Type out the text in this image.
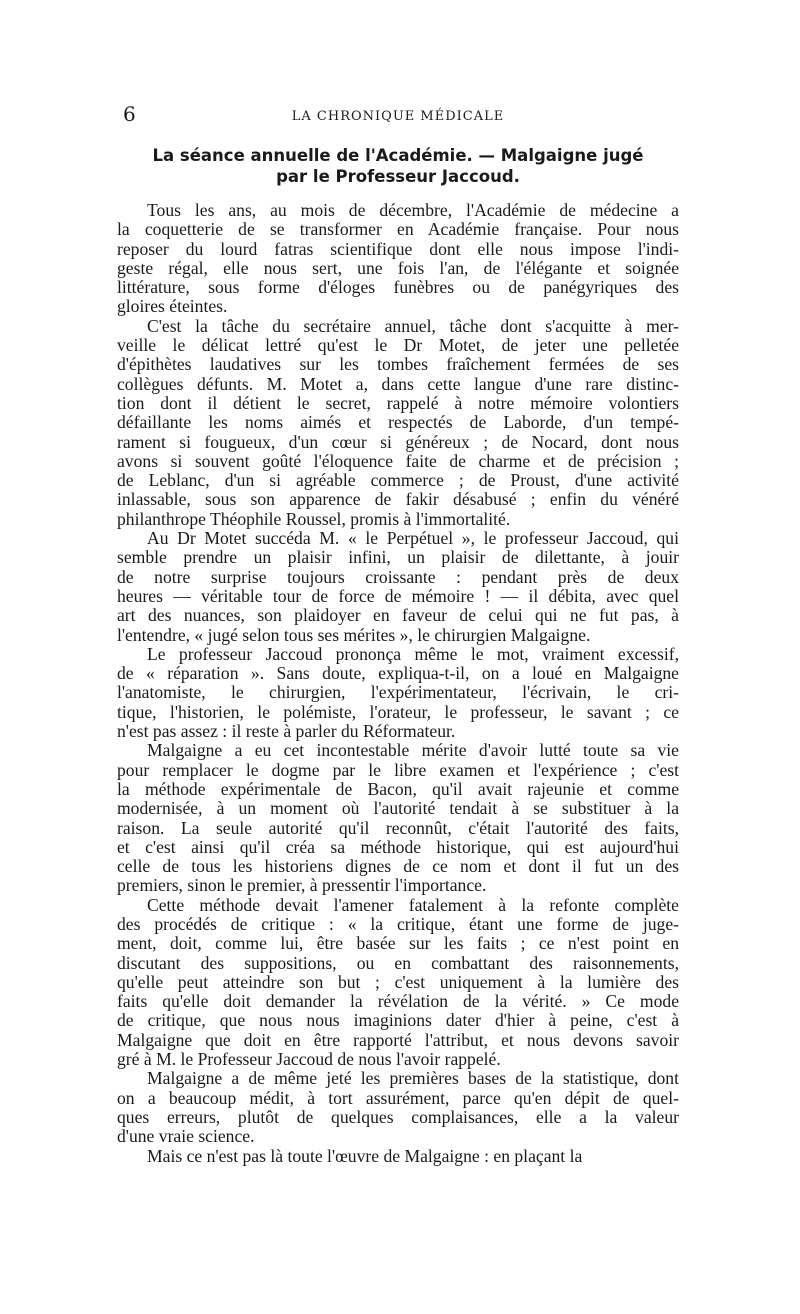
6	LA CHRONIQUE MÉDICALE
La séance annuelle de l'Académie. — Malgaigne jugé
par le Professeur Jaccoud.

Tous les ans, au mois de décembre, l'Académie de médecine a
la coquetterie de se transformer en Académie française. Pour nous
reposer du lourd fatras scientifique dont elle nous impose l'indi-
geste régal, elle nous sert, une fois l'an, de l'élégante et soignée
littérature, sous forme d'éloges funèbres ou de panégyriques des
gloires éteintes.

C'est la tâche du secrétaire annuel, tâche dont s'acquitte à mer-
veille le délicat lettré qu'est le Dr Motet, de jeter une pelletée
d'épithètes laudatives sur les tombes fraîchement fermées de ses
collègues défunts. M. Motet a, dans cette langue d'une rare distinc-
tion dont il détient le secret, rappelé à notre mémoire volontiers
défaillante les noms aimés et respectés de Laborde, d'un tempé-
rament si fougueux, d'un cœur si généreux ; de Nocard, dont nous
avons si souvent goûté l'éloquence faite de charme et de précision ;
de Leblanc, d'un si agréable commerce ; de Proust, d'une activité
inlassable, sous son apparence de fakir désabusé ; enfin du vénéré
philanthrope Théophile Roussel, promis à l'immortalité.

Au Dr Motet succéda M. « le Perpétuel », le professeur Jaccoud, qui
semble prendre un plaisir infini, un plaisir de dilettante, à jouir
de notre surprise toujours croissante : pendant près de deux
heures — véritable tour de force de mémoire ! — il débita, avec quel
art des nuances, son plaidoyer en faveur de celui qui ne fut pas, à
l'entendre, « jugé selon tous ses mérites », le chirurgien Malgaigne.

Le professeur Jaccoud prononça même le mot, vraiment excessif,
de « réparation ». Sans doute, expliqua-t-il, on a loué en Malgaigne
l'anatomiste, le chirurgien, l'expérimentateur, l'écrivain, le cri-
tique, l'historien, le polémiste, l'orateur, le professeur, le savant ; ce
n'est pas assez : il reste à parler du Réformateur.

Malgaigne a eu cet incontestable mérite d'avoir lutté toute sa vie
pour remplacer le dogme par le libre examen et l'expérience ; c'est
la méthode expérimentale de Bacon, qu'il avait rajeunie et comme
modernisée, à un moment où l'autorité tendait à se substituer à la
raison. La seule autorité qu'il reconnût, c'était l'autorité des faits,
et c'est ainsi qu'il créa sa méthode historique, qui est aujourd'hui
celle de tous les historiens dignes de ce nom et dont il fut un des
premiers, sinon le premier, à pressentir l'importance.

Cette méthode devait l'amener fatalement à la refonte complète
des procédés de critique : « la critique, étant une forme de juge-
ment, doit, comme lui, être basée sur les faits ; ce n'est point en
discutant des suppositions, ou en combattant des raisonnements,
qu'elle peut atteindre son but ; c'est uniquement à la lumière des
faits qu'elle doit demander la révélation de la vérité. » Ce mode
de critique, que nous nous imaginions dater d'hier à peine, c'est à
Malgaigne que doit en être rapporté l'attribut, et nous devons savoir
gré à M. le Professeur Jaccoud de nous l'avoir rappelé.

Malgaigne a de même jeté les premières bases de la statistique, dont
on a beaucoup médit, à tort assurément, parce qu'en dépit de quel-
ques erreurs, plutôt de quelques complaisances, elle a la valeur
d'une vraie science.

Mais ce n'est pas là toute l'œuvre de Malgaigne : en plaçant la
